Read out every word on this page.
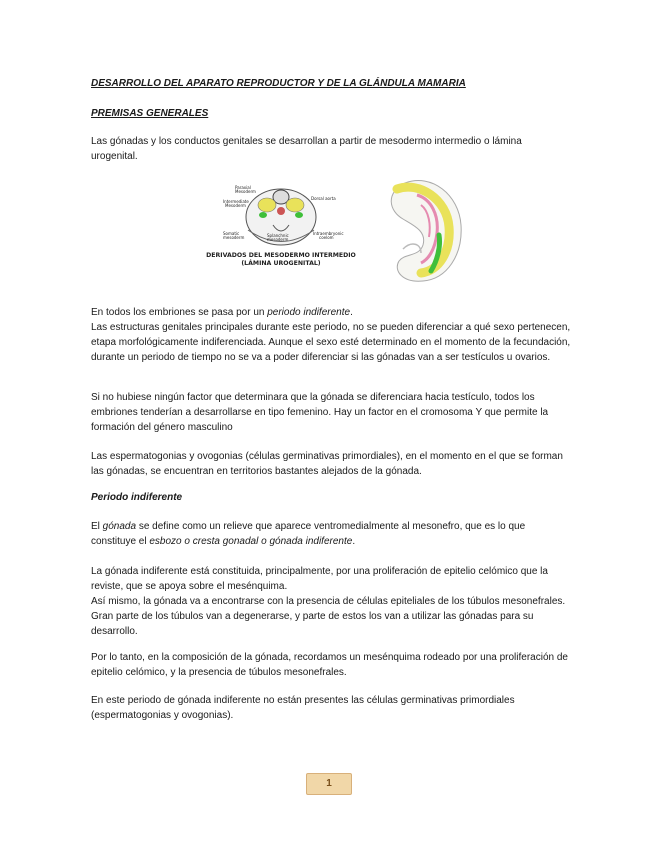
DESARROLLO DEL APARATO REPRODUCTOR Y DE LA GLÁNDULA MAMARIA
PREMISAS GENERALES
Las gónadas y los conductos genitales se desarrollan a partir de mesodermo intermedio o lámina urogenital.
Paraxial
Mesoderm
Dorsal aorta
Intermediate
Mesoderm
Somatic
mesoderm	Splanchnic
mesoderm
Intraembryonic
coelom
DERIVADOS DEL MESODERMO INTERMEDIO
(LÁMINA UROGENITAL)
En todos los embriones se pasa por un periodo indiferente.
Las estructuras genitales principales durante este periodo, no se pueden diferenciar a qué sexo pertenecen, etapa morfológicamente indiferenciada. Aunque el sexo esté determinado en el momento de la fecundación, durante un periodo de tiempo no se va a poder diferenciar si las gónadas van a ser testículos u ovarios.
Si no hubiese ningún factor que determinara que la gónada se diferenciara hacia testículo, todos los embriones tenderían a desarrollarse en tipo femenino. Hay un factor en el cromosoma Y que permite la formación del género masculino
Las espermatogonias y ovogonias (células germinativas primordiales), en el momento en el que se forman las gónadas, se encuentran en territorios bastantes alejados de la gónada.
Periodo indiferente
El gónada se define como un relieve que aparece ventromedialmente al mesonefro, que es lo que constituye el esbozo o cresta gonadal o gónada indiferente.
La gónada indiferente está constituida, principalmente, por una proliferación de epitelio celómico que la reviste, que se apoya sobre el mesénquima.
Así mismo, la gónada va a encontrarse con la presencia de células epiteliales de los túbulos mesonefrales. Gran parte de los túbulos van a degenerarse, y parte de estos los van a utilizar las gónadas para su desarrollo.
Por lo tanto, en la composición de la gónada, recordamos un mesénquima rodeado por una proliferación de epitelio celómico, y la presencia de túbulos mesonefrales.
En este periodo de gónada indiferente no están presentes las células germinativas primordiales (espermatogonias y ovogonias).
1
